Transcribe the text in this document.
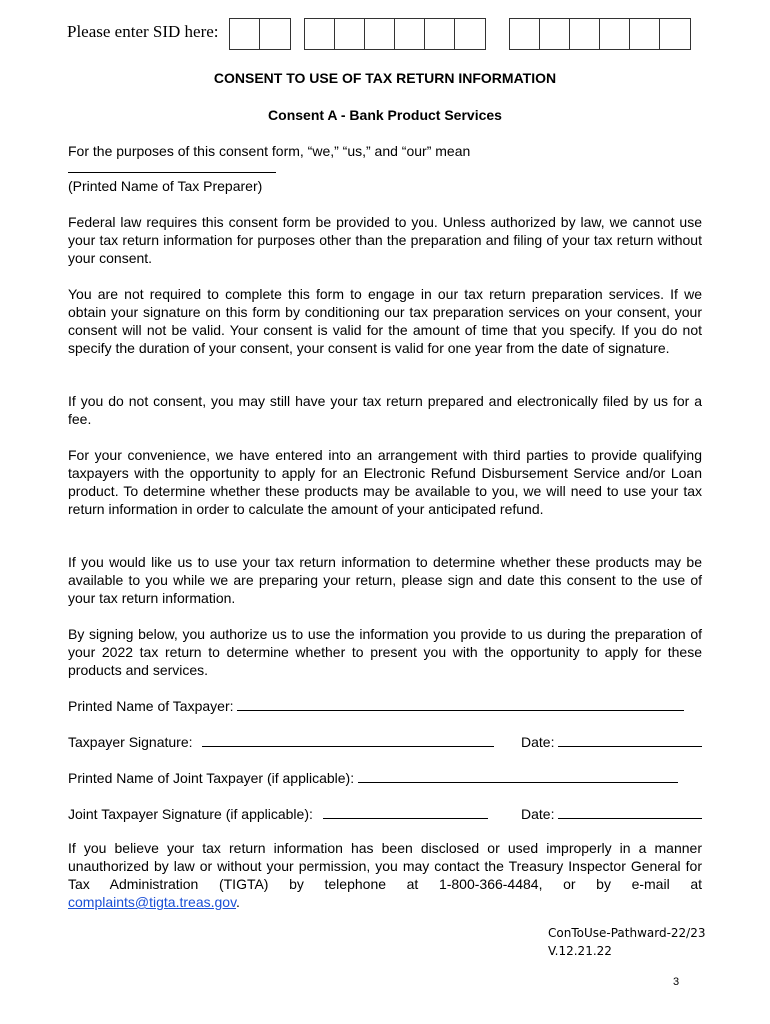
Please enter SID here:
CONSENT TO USE OF TAX RETURN INFORMATION
Consent A - Bank Product Services
For the purposes of this consent form, “we,” “us,” and “our” mean
(Printed Name of Tax Preparer)

Federal law requires this consent form be provided to you. Unless authorized by law, we cannot use your tax return information for purposes other than the preparation and filing of your tax return without your consent.

You are not required to complete this form to engage in our tax return preparation services. If we obtain your signature on this form by conditioning our tax preparation services on your consent, your consent will not be valid. Your consent is valid for the amount of time that you specify. If you do not specify the duration of your consent, your consent is valid for one year from the date of signature.

If you do not consent, you may still have your tax return prepared and electronically filed by us for a fee.

For your convenience, we have entered into an arrangement with third parties to provide qualifying taxpayers with the opportunity to apply for an Electronic Refund Disbursement Service and/or Loan product. To determine whether these products may be available to you, we will need to use your tax return information in order to calculate the amount of your anticipated refund.

If you would like us to use your tax return information to determine whether these products may be available to you while we are preparing your return, please sign and date this consent to the use of your tax return information.

By signing below, you authorize us to use the information you provide to us during the preparation of your 2022 tax return to determine whether to present you with the opportunity to apply for these products and services.

Printed Name of Taxpayer:
Taxpayer Signature:	Date:
Printed Name of Joint Taxpayer (if applicable):
Joint Taxpayer Signature (if applicable):	Date:

If you believe your tax return information has been disclosed or used improperly in a manner unauthorized by law or without your permission, you may contact the Treasury Inspector General for Tax Administration (TIGTA) by telephone at 1-800-366-4484, or by e-mail at complaints@tigta.treas.gov.

ConToUse-Pathward-22/23
V.12.21.22
3
